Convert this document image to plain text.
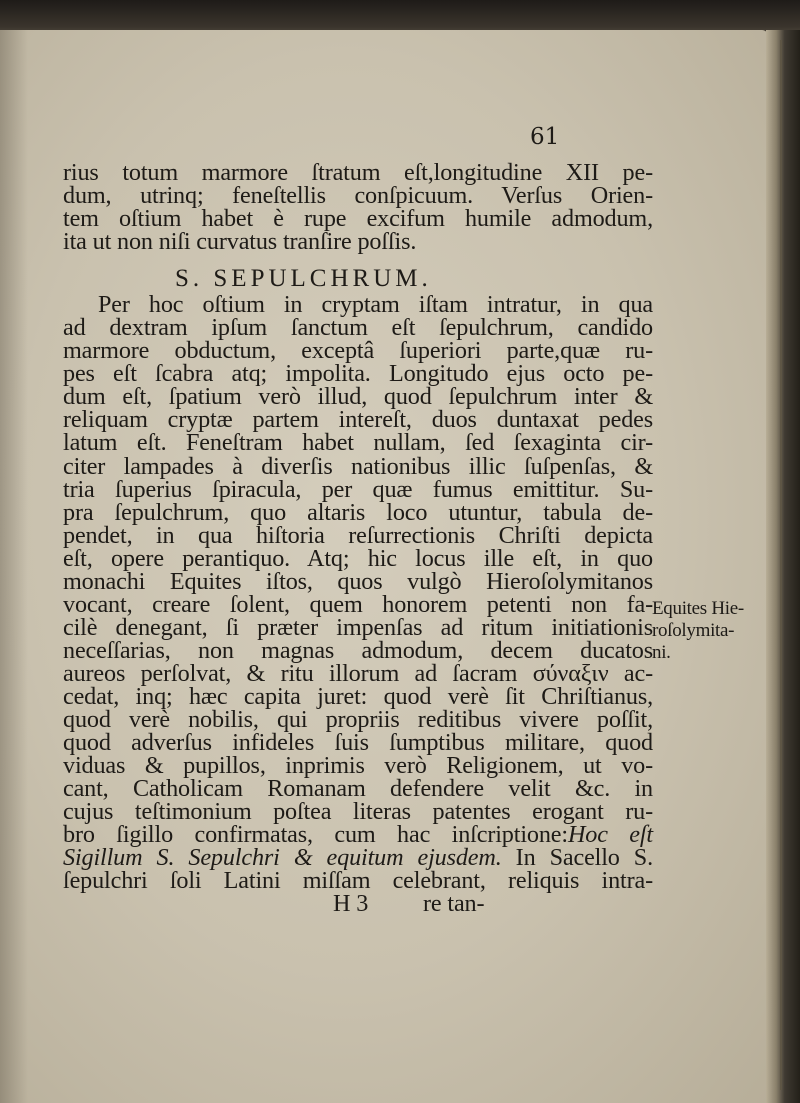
61
rius totum marmore ſtratum eſt,longitudine XII pe-
dum, utrinq; feneſtellis conſpicuum. Verſus Orien-
tem oſtium habet è rupe excifum humile admodum,
ita ut non niſi curvatus tranſire poſſis.
S. SEPULCHRUM.
Per hoc oſtium in cryptam iſtam intratur, in qua
ad dextram ipſum ſanctum eſt ſepulchrum, candido
marmore obductum, exceptâ ſuperiori parte,quæ ru-
pes eſt ſcabra atq; impolita. Longitudo ejus octo pe-
dum eſt, ſpatium verò illud, quod ſepulchrum inter &
reliquam cryptæ partem intereſt, duos duntaxat pedes
latum eſt. Feneſtram habet nullam, ſed ſexaginta cir-
citer lampades à diverſis nationibus illic ſuſpenſas, &
tria ſuperius ſpiracula, per quæ fumus emittitur. Su-
pra ſepulchrum, quo altaris loco utuntur, tabula de-
pendet, in qua hiſtoria reſurrectionis Chriſti depicta
eſt, opere perantiquo. Atq; hic locus ille eſt, in quo
monachi Equites iſtos, quos vulgò Hieroſolymitanos
vocant, creare ſolent, quem honorem petenti non fa-
cilè denegant, ſi præter impenſas ad ritum initiationis
neceſſarias, non magnas admodum, decem ducatos
aureos perſolvat, & ritu illorum ad ſacram σύναξιν ac-
cedat, inq; hæc capita juret: quod verè ſit Chriſtianus,
quod verè nobilis, qui propriis reditibus vivere poſſit,
quod adverſus infideles ſuis ſumptibus militare, quod
viduas & pupillos, inprimis verò Religionem, ut vo-
cant, Catholicam Romanam defendere velit &c. in
cujus teſtimonium poſtea literas patentes erogant ru-
bro ſigillo confirmatas, cum hac inſcriptione:Hoc eſt
Sigillum S. Sepulchri & equitum ejusdem. In Sacello S.
ſepulchri ſoli Latini miſſam celebrant, reliquis intra-
H 3 re tan-
Equites Hie-
roſolymita-
ni.
